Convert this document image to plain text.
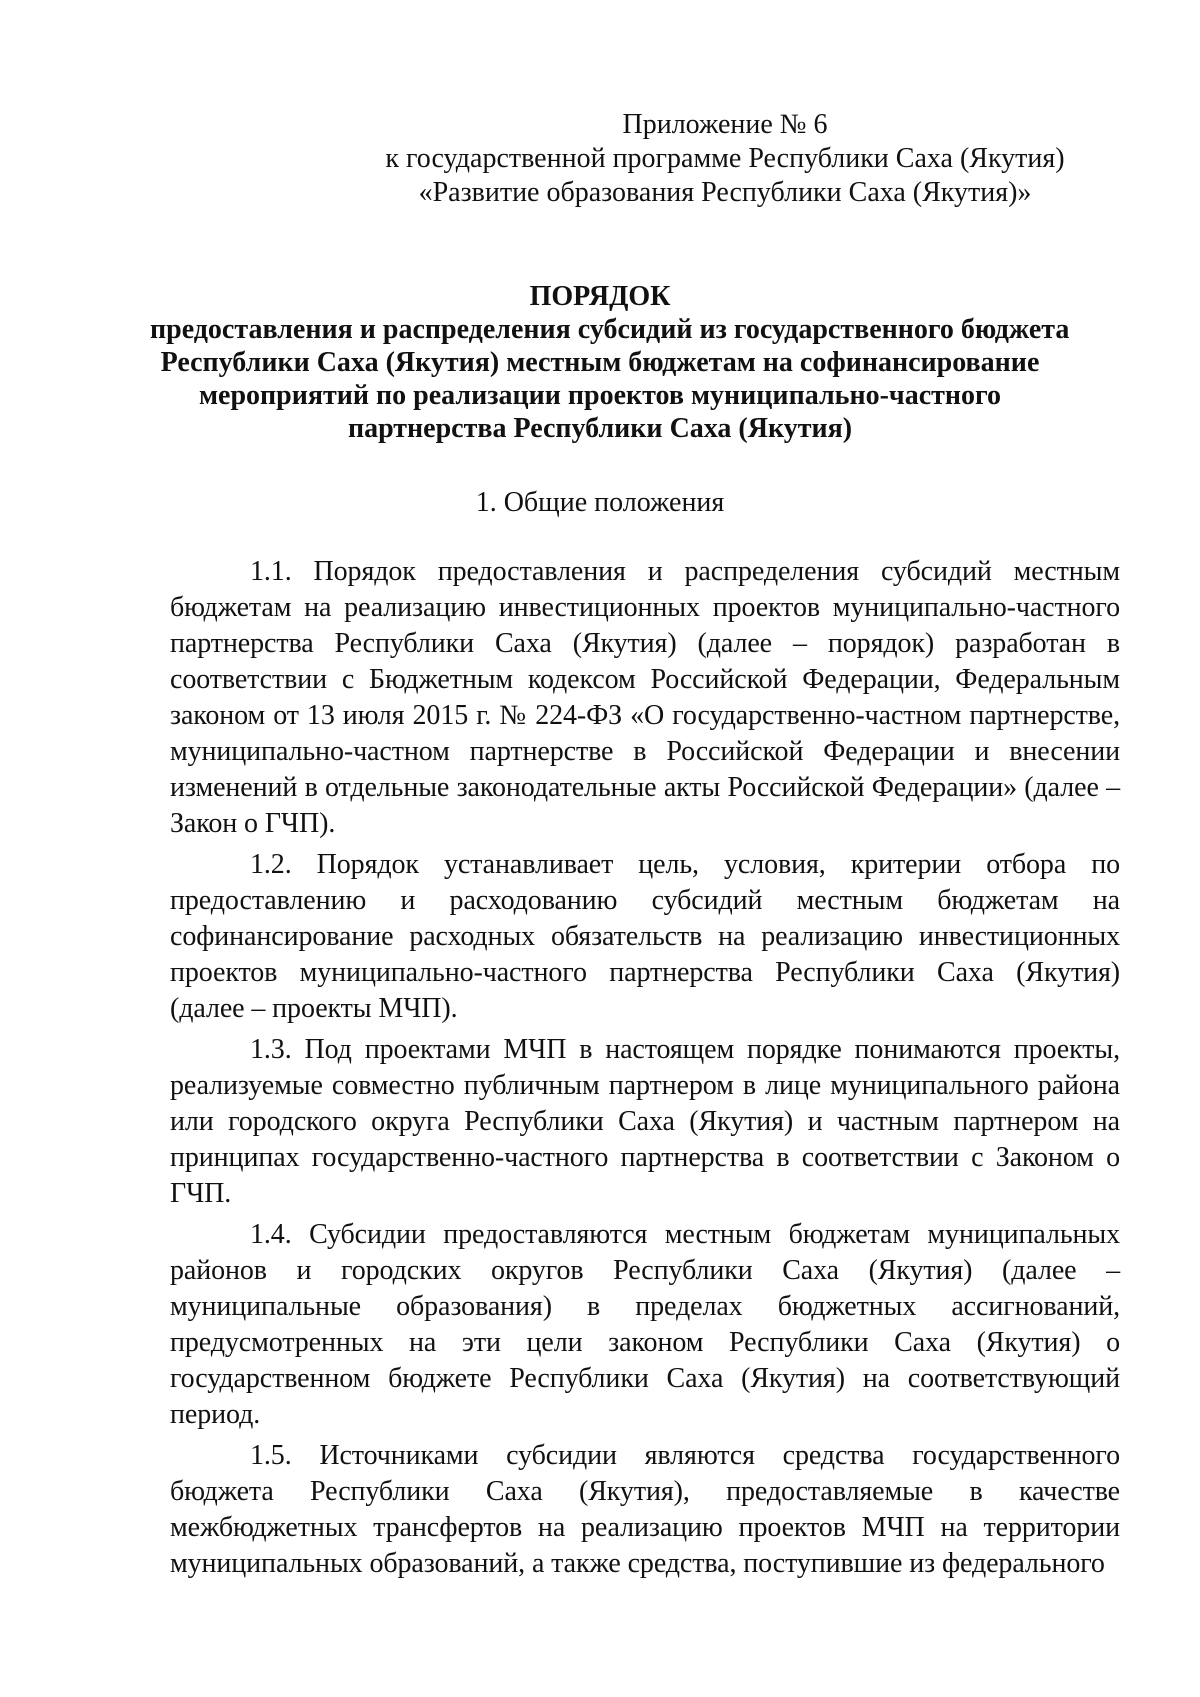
Приложение № 6
к государственной программе Республики Саха (Якутия)
«Развитие образования Республики Саха (Якутия)»
ПОРЯДОК
предоставления и распределения субсидий из государственного бюджета
Республики Саха (Якутия) местным бюджетам на софинансирование
мероприятий по реализации проектов муниципально-частного
партнерства Республики Саха (Якутия)
1. Общие положения

1.1. Порядок предоставления и распределения субсидий местным бюджетам на реализацию инвестиционных проектов муниципально-частного партнерства Республики Саха (Якутия) (далее – порядок) разработан в соответствии с Бюджетным кодексом Российской Федерации, Федеральным законом от 13 июля 2015 г. № 224-ФЗ «О государственно-частном партнерстве, муниципально-частном партнерстве в Российской Федерации и внесении изменений в отдельные законодательные акты Российской Федерации» (далее – Закон о ГЧП).

1.2. Порядок устанавливает цель, условия, критерии отбора по предоставлению и расходованию субсидий местным бюджетам на софинансирование расходных обязательств на реализацию инвестиционных проектов муниципально-частного партнерства Республики Саха (Якутия) (далее – проекты МЧП).

1.3. Под проектами МЧП в настоящем порядке понимаются проекты, реализуемые совместно публичным партнером в лице муниципального района или городского округа Республики Саха (Якутия) и частным партнером на принципах государственно-частного партнерства в соответствии с Законом о ГЧП.

1.4. Субсидии предоставляются местным бюджетам муниципальных районов и городских округов Республики Саха (Якутия) (далее – муниципальные образования) в пределах бюджетных ассигнований, предусмотренных на эти цели законом Республики Саха (Якутия) о государственном бюджете Республики Саха (Якутия) на соответствующий период.

1.5. Источниками субсидии являются средства государственного бюджета Республики Саха (Якутия), предоставляемые в качестве межбюджетных трансфертов на реализацию проектов МЧП на территории муниципальных образований, а также средства, поступившие из федерального
